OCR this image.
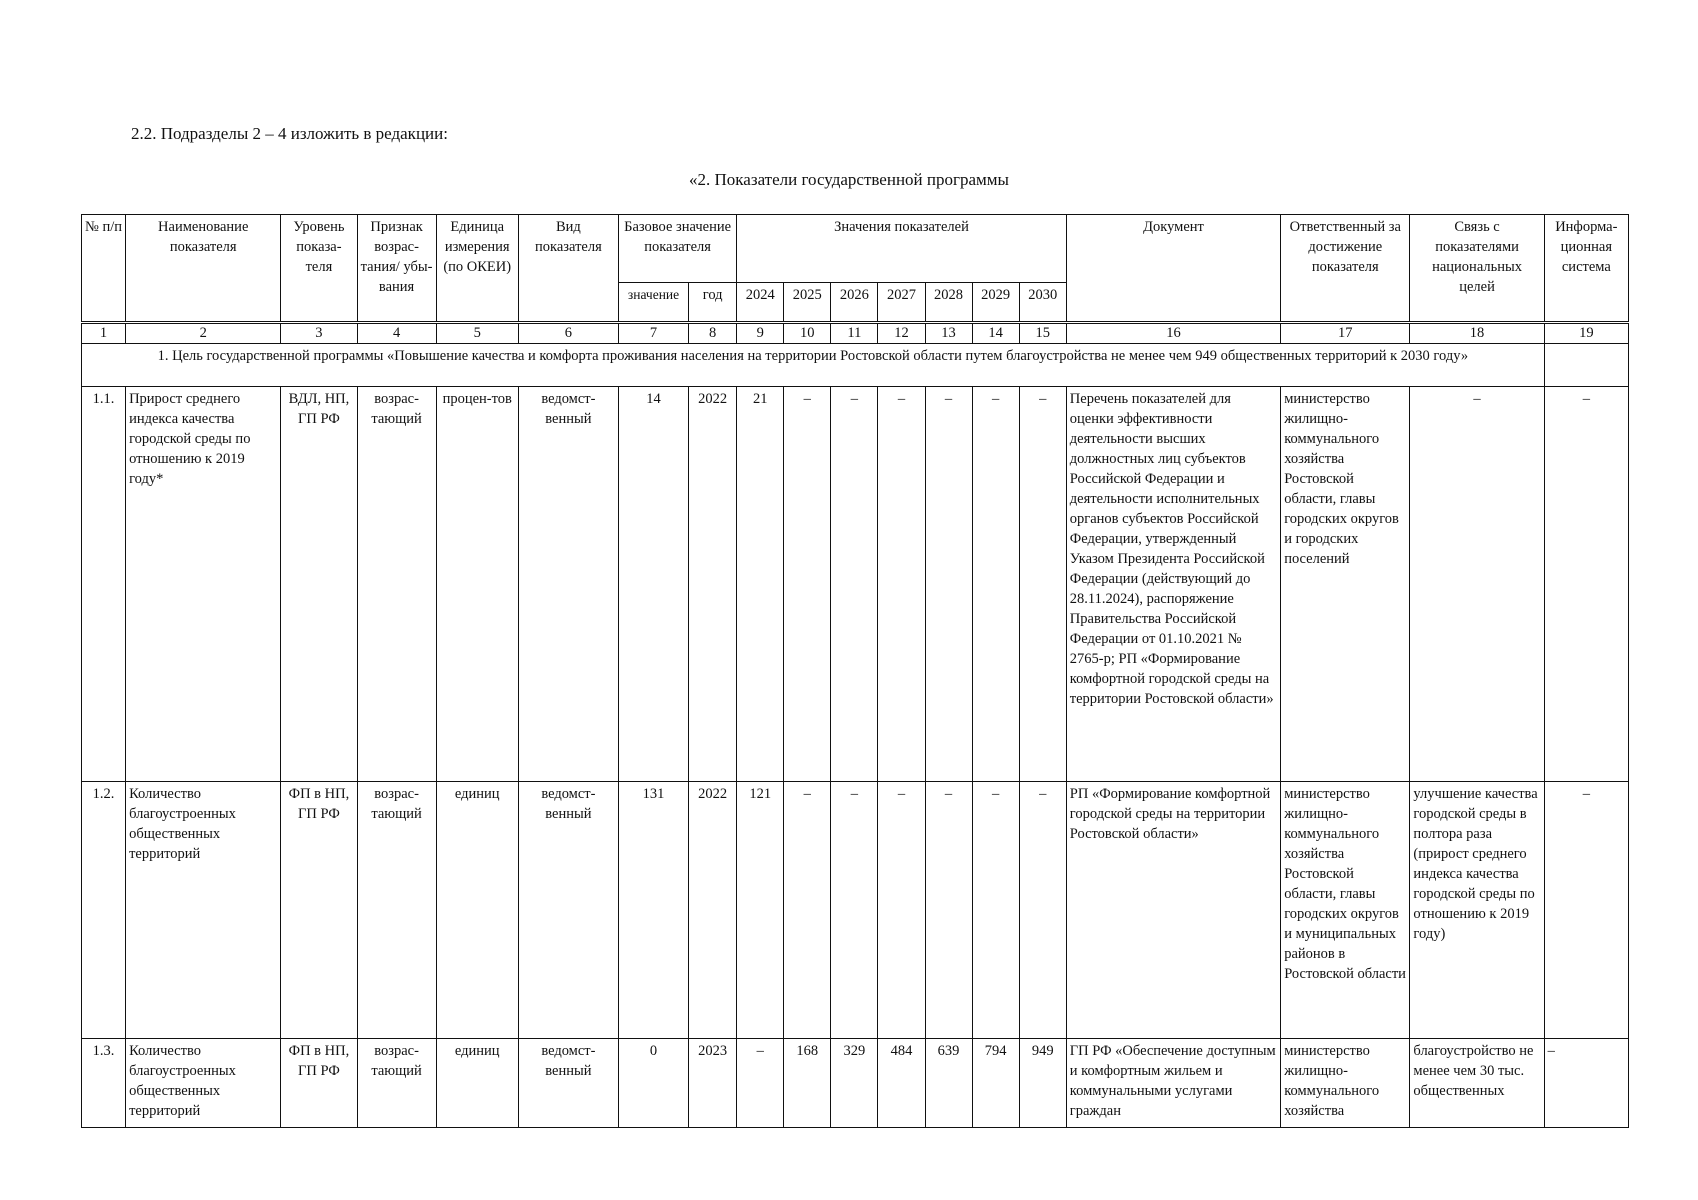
2.2. Подразделы 2 – 4 изложить в редакции:
«2. Показатели государственной программы
№ п/п	Наименование показателя	Уровень показа-теля	Признак возрас-тания/ убы-вания	Единица измерения (по ОКЕИ)	Вид показателя	Базовое значение показателя		Значения показателей							Документ	Ответственный за достижение показателя	Связь с показателями национальных целей	Информа-ционная система
						значение	год	2024	2025	2026	2027	2028	2029	2030				
1	2	3	4	5	6	7	8	9	10	11	12	13	14	15	16	17	18	19
1. Цель государственной программы «Повышение качества и комфорта проживания населения на территории Ростовской области путем благоустройства не менее чем 949 общественных территорий к 2030 году»																		
1.1.	Прирост среднего индекса качества городской среды по отношению к 2019 году*	ВДЛ, НП, ГП РФ	возрас-тающий	процен-тов	ведомст-венный	14	2022	21	–	–	–	–	–	–	Перечень показателей для оценки эффективности деятельности высших должностных лиц субъектов Российской Федерации и деятельности исполнительных органов субъектов Российской Федерации, утвержденный Указом Президента Российской Федерации (действующий до 28.11.2024), распоряжение Правительства Российской Федерации от 01.10.2021 № 2765-р; РП «Формирование комфортной городской среды на территории Ростовской области»	министерство жилищно-коммунального хозяйства Ростовской области, главы городских округов и городских поселений	–	–
1.2.	Количество благоустроенных общественных территорий	ФП в НП, ГП РФ	возрас-тающий	единиц	ведомст-венный	131	2022	121	–	–	–	–	–	–	РП «Формирование комфортной городской среды на территории Ростовской области»	министерство жилищно-коммунального хозяйства Ростовской области, главы городских округов и муниципальных районов в Ростовской области	улучшение качества городской среды в полтора раза (прирост среднего индекса качества городской среды по отношению к 2019 году)	–
1.3.	Количество благоустроенных общественных территорий	ФП в НП, ГП РФ	возрас-тающий	единиц	ведомст-венный	0	2023	–	168	329	484	639	794	949	ГП РФ «Обеспечение доступным и комфортным жильем и коммунальными услугами граждан	министерство жилищно-коммунального хозяйства	благоустройство не менее чем 30 тыс. общественных	–
